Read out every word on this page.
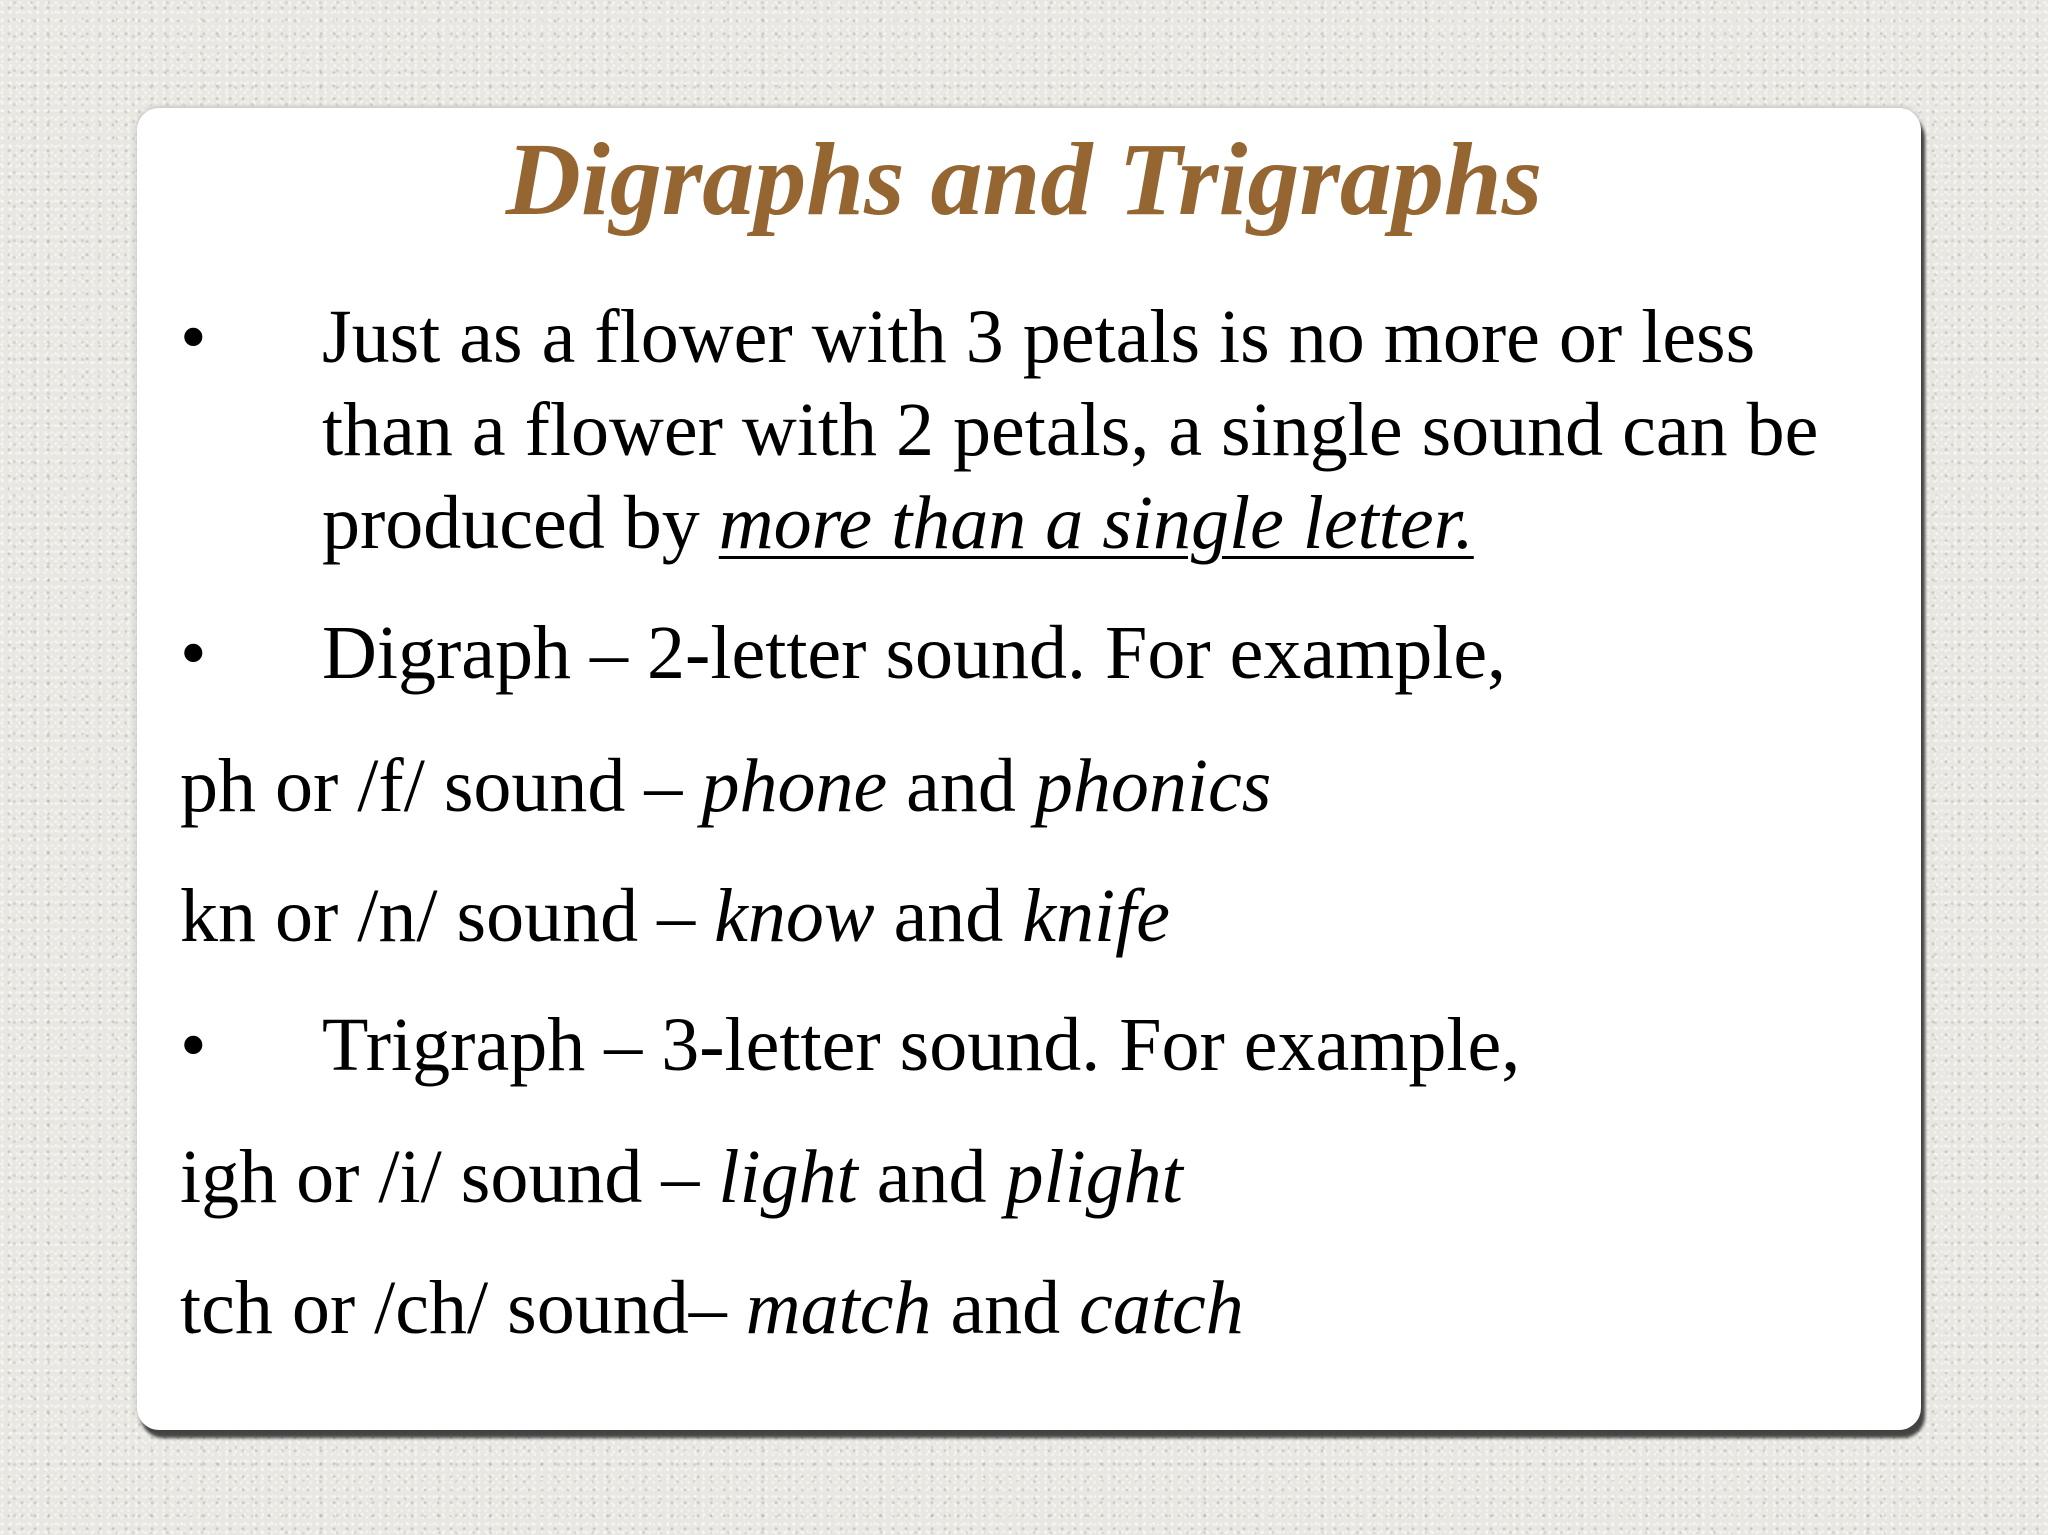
Digraphs and Trigraphs
• Just as a flower with 3 petals is no more or less than a flower with 2 petals, a single sound can be produced by more than a single letter.
• Digraph – 2-letter sound. For example,
ph or /f/ sound – phone and phonics
kn or /n/ sound – know and knife
• Trigraph – 3-letter sound. For example,
igh or /i/ sound – light and plight
tch or /ch/ sound– match and catch
